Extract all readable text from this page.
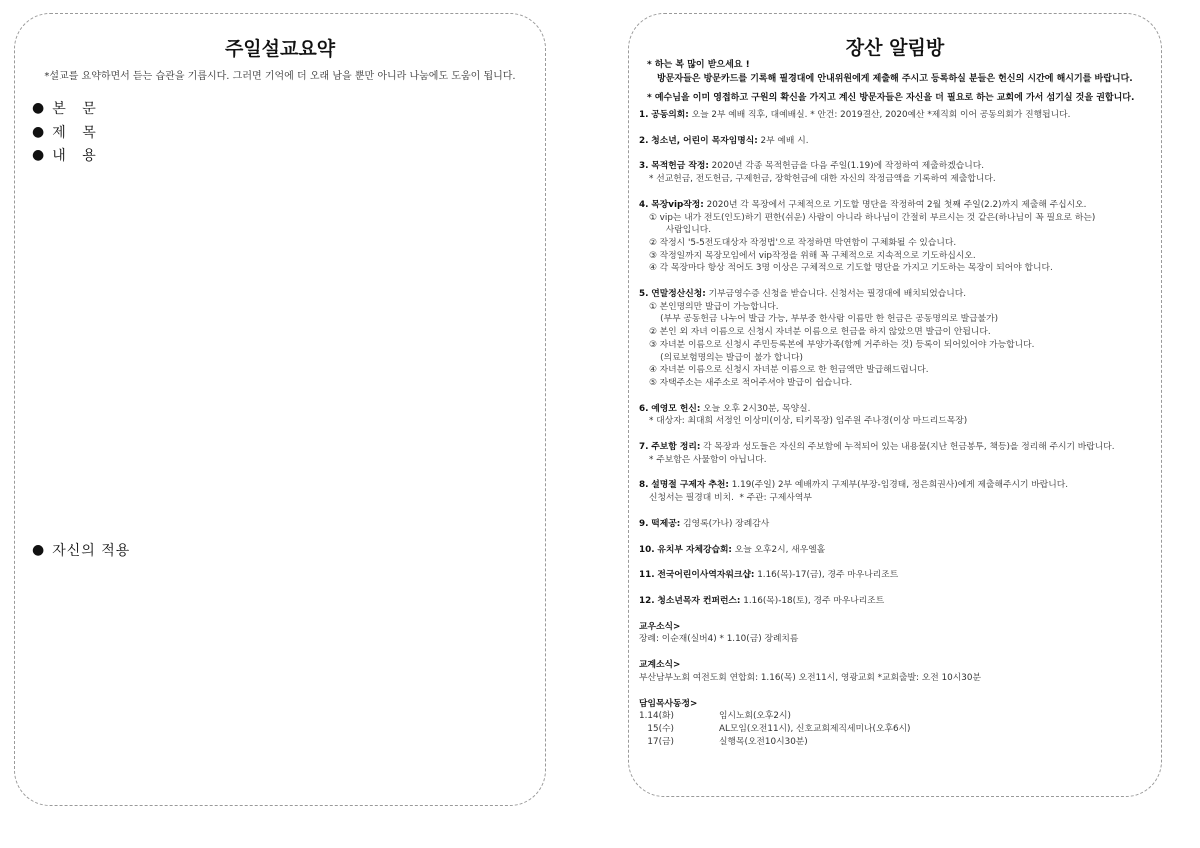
주일설교요약
*설교를 요약하면서 듣는 습관을 기릅시다. 그러면 기억에 더 오래 남을 뿐만 아니라 나눔에도 도움이 됩니다.
● 본 문
● 제 목
● 내 용
● 자신의 적용
장산 알림방
* 하는 복 많이 받으세요 !
방문자들은 방문카드를 기록해 필경대에 안내위원에게 제출해 주시고 등록하실 분들은 헌신의 시간에 해시기를 바랍니다.
* 예수님을 이미 영접하고 구원의 확신을 가지고 계신 방문자들은 자신을 더 필요로 하는 교회에 가서 섬기실 것을 권합니다.
1. 공동의회: 오늘 2부 예배 직후, 대예배실. * 안건: 2019결산, 2020예산 *제직회 이어 공동의회가 진행됩니다.
2. 청소년, 어린이 목자임명식: 2부 예배 시.
3. 목적헌금 작정: 2020년 각종 목적헌금을 다음 주일(1.19)에 작정하여 제출하겠습니다.
* 선교헌금, 전도헌금, 구제헌금, 장학헌금에 대한 자신의 작정금액을 기록하여 제출합니다.
4. 목장vip작정: 2020년 각 목장에서 구체적으로 기도할 명단을 작정하여 2월 첫째 주일(2.2)까지 제출해 주십시오.
① vip는 내가 전도(인도)하기 편한(쉬운) 사람이 아니라 하나님이 간절히 부르시는 것 같은(하나님이 꼭 필요로 하는)
사람입니다.
② 작정시 '5-5전도대상자 작정법'으로 작정하면 막연함이 구체화될 수 있습니다.
③ 작정일까지 목장모임에서 vip작정을 위해 꼭 구체적으로 지속적으로 기도하십시오.
④ 각 목장마다 항상 적어도 3명 이상은 구체적으로 기도할 명단을 가지고 기도하는 목장이 되어야 합니다.
5. 연말정산신청: 기부금영수증 신청을 받습니다. 신청서는 필경대에 배치되었습니다.
① 본인명의만 발급이 가능합니다.
(부부 공동헌금 나누어 발급 가능, 부부중 한사람 이름만 한 헌금은 공동명의로 발급불가)
② 본인 외 자녀 이름으로 신청시 자녀분 이름으로 헌금을 하지 않았으면 발급이 안됩니다.
③ 자녀분 이름으로 신청시 주민등록본에 부양가족(함께 거주하는 것) 등록이 되어있어야 가능합니다.
(의료보험명의는 발급이 불가 합니다)
④ 자녀분 이름으로 신청시 자녀분 이름으로 한 헌금액만 발급해드립니다.
⑤ 자택주소는 새주소로 적어주셔야 발급이 쉽습니다.
6. 예영모 헌신: 오늘 오후 2시30분, 목양실.
* 대상자: 최대희 서정인 이상미(이상, 티키목장) 임주원 주나경(이상 마드리드목장)
7. 주보함 정리: 각 목장과 성도들은 자신의 주보함에 누적되어 있는 내용물(지난 헌금봉투, 책등)을 정리해 주시기 바랍니다.
* 주보함은 사물함이 아닙니다.
8. 설명절 구제자 추천: 1.19(주일) 2부 예배까지 구제부(부장-임경태, 정은희권사)에게 제출해주시기 바랍니다.
신청서는 필경대 비치.  * 주관: 구제사역부
9. 떡제공: 김영록(가나) 장례감사
10. 유치부 자체강습회: 오늘 오후2시, 새우엘홀
11. 전국어린이사역자워크샵: 1.16(목)-17(금), 경주 마우나리조트
12. 청소년목자 컨퍼런스: 1.16(목)-18(토), 경주 마우나리조트
교우소식>
장례: 이순재(실버4) * 1.10(금) 장례치름
교계소식>
부산남부노회 여전도회 연합회: 1.16(목) 오전11시, 영광교회 *교회출발: 오전 10시30분
담임목사동정>
1.14(화)	임시노회(오후2시)
15(수)	AL모임(오전11시), 신호교회제직세미나(오후6시)
17(금)	실행목(오전10시30분)
